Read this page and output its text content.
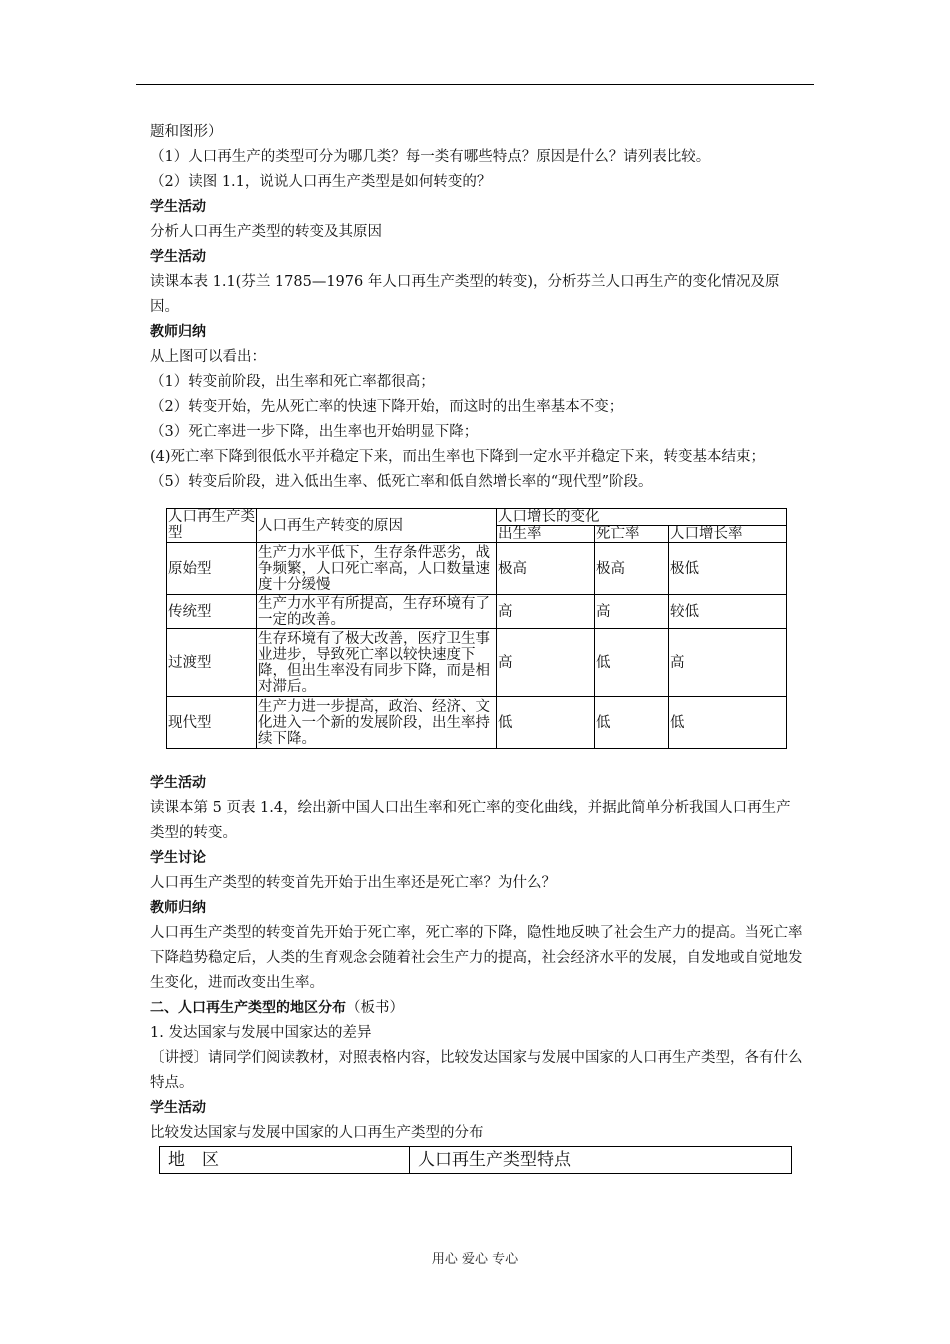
题和图形）

（1）人口再生产的类型可分为哪几类？每一类有哪些特点？原因是什么？请列表比较。

（2）读图 1.1，说说人口再生产类型是如何转变的？

学生活动

分析人口再生产类型的转变及其原因

学生活动

读课本表 1.1(芬兰 1785—1976 年人口再生产类型的转变)，分析芬兰人口再生产的变化情况及原因。

教师归纳

从上图可以看出：

（1）转变前阶段，出生率和死亡率都很高；

（2）转变开始，先从死亡率的快速下降开始，而这时的出生率基本不变；

（3）死亡率进一步下降，出生率也开始明显下降；

(4)死亡率下降到很低水平并稳定下来，而出生率也下降到一定水平并稳定下来，转变基本结束；

（5）转变后阶段，进入低出生率、低死亡率和低自然增长率的“现代型”阶段。

人口再生产类型	人口再生产转变的原因	人口增长的变化		
		出生率	死亡率	人口增长率
原始型	生产力水平低下，生存条件恶劣，战争频繁，人口死亡率高，人口数量速度十分缓慢	极高	极高	极低
传统型	生产力水平有所提高，生存环境有了一定的改善。	高	高	较低
过渡型	生存环境有了极大改善，医疗卫生事业进步，导致死亡率以较快速度下降，但出生率没有同步下降，而是相对滞后。	高	低	高
现代型	生产力进一步提高，政治、经济、文化进入一个新的发展阶段，出生率持续下降。	低	低	低

学生活动

读课本第 5 页表 1.4，绘出新中国人口出生率和死亡率的变化曲线，并据此简单分析我国人口再生产类型的转变。

学生讨论

人口再生产类型的转变首先开始于出生率还是死亡率？为什么？

教师归纳

人口再生产类型的转变首先开始于死亡率，死亡率的下降，隐性地反映了社会生产力的提高。当死亡率下降趋势稳定后，人类的生育观念会随着社会生产力的提高，社会经济水平的发展，自发地或自觉地发生变化，进而改变出生率。

二、人口再生产类型的地区分布（板书）

1. 发达国家与发展中国家达的差异

〔讲授〕请同学们阅读教材，对照表格内容，比较发达国家与发展中国家的人口再生产类型，各有什么特点。

学生活动

比较发达国家与发展中国家的人口再生产类型的分布

地　区	人口再生产类型特点
用心 爱心 专心
